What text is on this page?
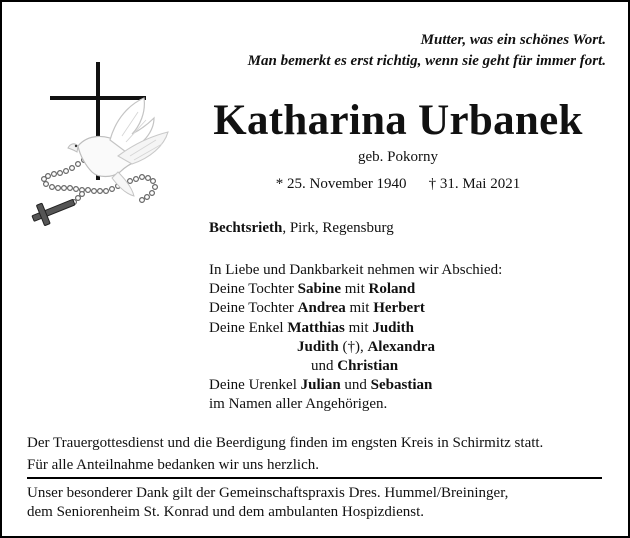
Mutter, was ein schönes Wort.
Man bemerkt es erst richtig, wenn sie geht für immer fort.
Katharina Urbanek
geb. Pokorny
* 25. November 1940 † 31. Mai 2021
Bechtsrieth, Pirk, Regensburg
In Liebe und Dankbarkeit nehmen wir Abschied:
Deine Tochter Sabine mit Roland
Deine Tochter Andrea mit Herbert
Deine Enkel Matthias mit Judith
Judith (†), Alexandra
und Christian
Deine Urenkel Julian und Sebastian
im Namen aller Angehörigen.
Der Trauergottesdienst und die Beerdigung finden im engsten Kreis in Schirmitz statt.
Für alle Anteilnahme bedanken wir uns herzlich.
Unser besonderer Dank gilt der Gemeinschaftspraxis Dres. Hummel/Breininger,
dem Seniorenheim St. Konrad und dem ambulanten Hospizdienst.
